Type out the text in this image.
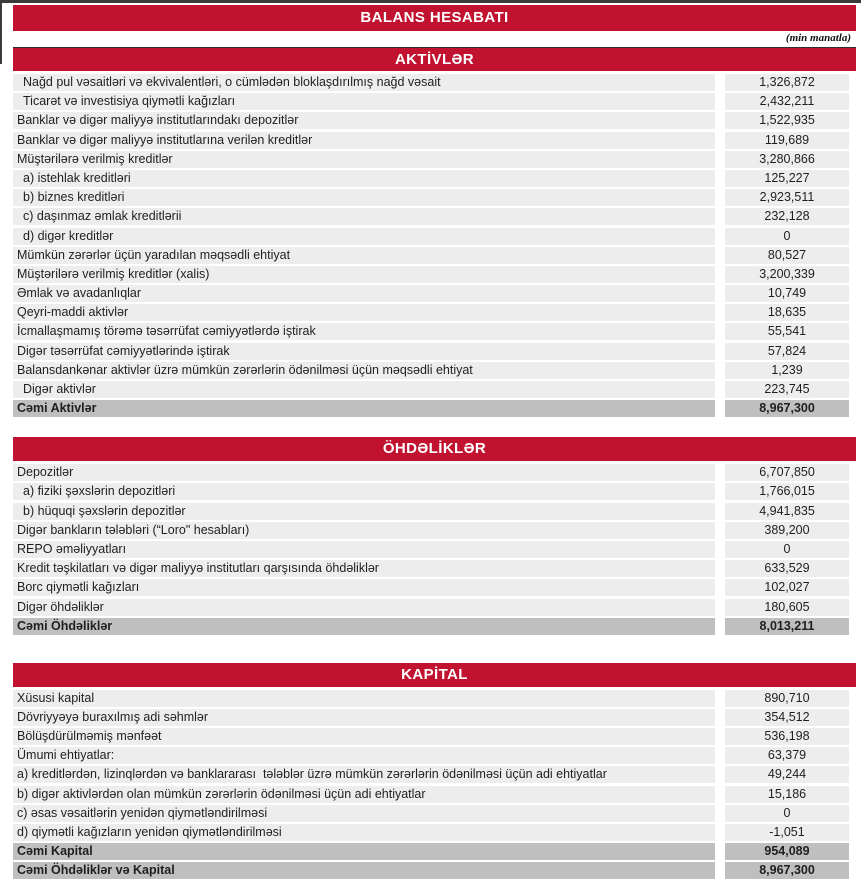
BALANS HESABATI
(min manatla)
AKTİVLƏR
Nağd pul vəsaitləri və ekvivalentləri, o cümlədən bloklaşdırılmış nağd vəsait	1,326,872
Ticarət və investisiya qiymətli kağızları	2,432,211
Banklar və digər maliyyə institutlarındakı depozitlər	1,522,935
Banklar və digər maliyyə institutlarına verilən kreditlər	119,689
Müştərilərə verilmiş kreditlər	3,280,866
a) istehlak kreditləri	125,227
b) biznes kreditləri	2,923,511
c) daşınmaz əmlak kreditlərii	232,128
d) digər kreditlər	0
Mümkün zərərlər üçün yaradılan məqsədli ehtiyat	80,527
Müştərilərə verilmiş kreditlər (xalis)	3,200,339
Əmlak və avadanlıqlar	10,749
Qeyri-maddi aktivlər	18,635
İcmallaşmamış törəmə təsərrüfat cəmiyyətlərdə iştirak	55,541
Digər təsərrüfat cəmiyyətlərində iştirak	57,824
Balansdankənar aktivlər üzrə mümkün zərərlərin ödənilməsi üçün məqsədli ehtiyat	1,239
Digər aktivlər	223,745
Cəmi Aktivlər	8,967,300
ÖHDƏLİKLƏR
Depozitlər	6,707,850
a) fiziki şəxslərin depozitləri	1,766,015
b) hüquqi şəxslərin depozitlər	4,941,835
Digər bankların tələbləri (“Loro" hesabları)	389,200
REPO əməliyyatları	0
Kredit təşkilatları və digər maliyyə institutları qarşısında öhdəliklər	633,529
Borc qiymətli kağızları	102,027
Digər öhdəliklər	180,605
Cəmi Öhdəliklər	8,013,211
KAPİTAL
Xüsusi kapital	890,710
Dövriyyəyə buraxılmış adi səhmlər	354,512
Bölüşdürülməmiş mənfəət	536,198
Ümumi ehtiyatlar:	63,379
a) kreditlərdən, lizinqlərdən və banklararası  tələblər üzrə mümkün zərərlərin ödənilməsi üçün adi ehtiyatlar	49,244
b) digər aktivlərdən olan mümkün zərərlərin ödənilməsi üçün adi ehtiyatlar	15,186
c) əsas vəsaitlərin yenidən qiymətləndirilməsi	0
d) qiymətli kağızların yenidən qiymətləndirilməsi	-1,051
Cəmi Kapital	954,089
Cəmi Öhdəliklər və Kapital	8,967,300
